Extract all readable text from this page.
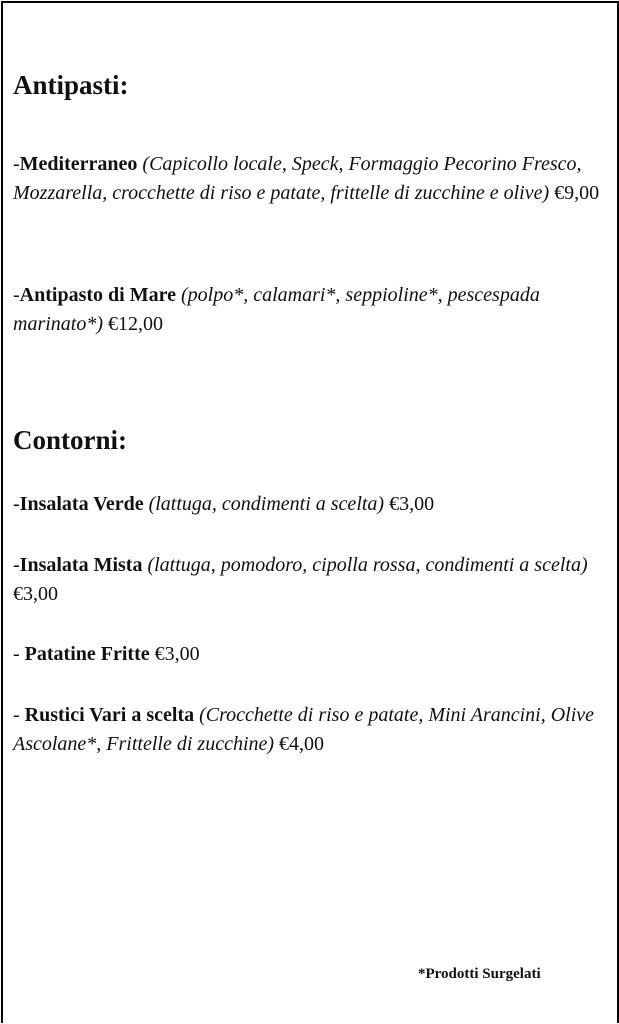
Antipasti:

-Mediterraneo (Capicollo locale, Speck, Formaggio Pecorino Fresco, Mozzarella, crocchette di riso e patate, frittelle di zucchine e olive) €9,00

-Antipasto di Mare (polpo*, calamari*, seppioline*, pescespada marinato*) €12,00

Contorni:

-Insalata Verde (lattuga, condimenti a scelta) €3,00

-Insalata Mista (lattuga, pomodoro, cipolla rossa, condimenti a scelta) €3,00

- Patatine Fritte €3,00

- Rustici Vari a scelta (Crocchette di riso e patate, Mini Arancini, Olive Ascolane*, Frittelle di zucchine) €4,00

*Prodotti Surgelati
